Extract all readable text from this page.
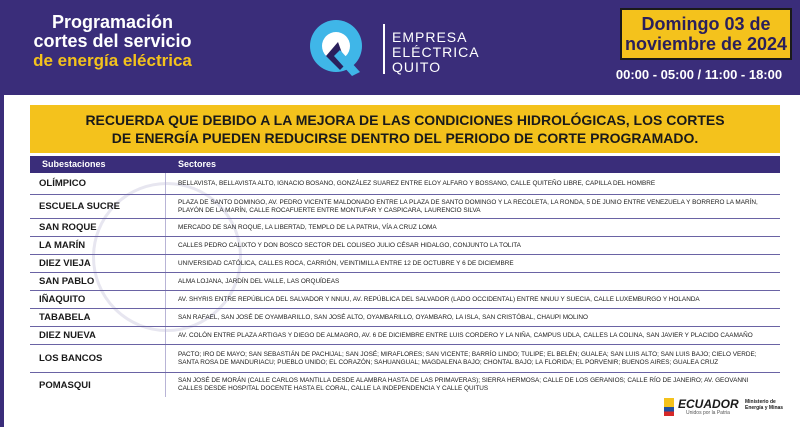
Programación
cortes del servicio
de energía eléctrica
EMPRESA
ELÉCTRICA
QUITO
Domingo 03 de
noviembre de 2024
00:00 - 05:00 / 11:00 - 18:00
RECUERDA QUE DEBIDO A LA MEJORA DE LAS CONDICIONES HIDROLÓGICAS, LOS CORTES
DE ENERGÍA PUEDEN REDUCIRSE DENTRO DEL PERIODO DE CORTE PROGRAMADO.
Subestaciones	Sectores
OLÍMPICO	BELLAVISTA, BELLAVISTA ALTO, IGNACIO BOSANO, GONZÁLEZ SUAREZ ENTRE ELOY ALFARO Y BOSSANO, CALLE QUITEÑO LIBRE, CAPILLA DEL HOMBRE
ESCUELA SUCRE	PLAZA DE SANTO DOMINGO, AV. PEDRO VICENTE MALDONADO ENTRE LA PLAZA DE SANTO DOMINGO Y LA RECOLETA, LA RONDA, 5 DE JUNIO ENTRE VENEZUELA Y BORRERO LA MARÍN, PLAYÓN DE LA MARÍN, CALLE ROCAFUERTE ENTRE MONTUFAR Y CASPICARA, LAURENCIO SILVA
SAN ROQUE	MERCADO DE SAN ROQUE, LA LIBERTAD, TEMPLO DE LA PATRIA, VÍA A CRUZ LOMA
LA MARÍN	CALLES PEDRO CALIXTO Y DON BOSCO SECTOR DEL COLISEO JULIO CÉSAR HIDALGO, CONJUNTO LA TOLITA
DIEZ VIEJA	UNIVERSIDAD CATÓLICA, CALLES ROCA, CARRIÓN, VEINTIMILLA ENTRE 12 DE OCTUBRE Y 6 DE DICIEMBRE
SAN PABLO	ALMA LOJANA, JARDÍN DEL VALLE, LAS ORQUÍDEAS
IÑAQUITO	AV. SHYRIS ENTRE REPÚBLICA DEL SALVADOR Y NNUU, AV. REPÚBLICA DEL SALVADOR (LADO OCCIDENTAL) ENTRE NNUU Y SUECIA, CALLE LUXEMBURGO Y HOLANDA
TABABELA	SAN RAFAEL, SAN JOSÉ DE OYAMBARILLO, SAN JOSÉ ALTO, OYAMBARILLO, OYAMBARO, LA ISLA, SAN CRISTÓBAL, CHAUPI MOLINO
DIEZ NUEVA	AV. COLÓN ENTRE PLAZA ARTIGAS Y DIEGO DE ALMAGRO, AV. 6 DE DICIEMBRE ENTRE LUIS CORDERO Y LA NIÑA, CAMPUS UDLA, CALLES LA COLINA, SAN JAVIER Y PLACIDO CAAMAÑO
LOS BANCOS	PACTO; IRO DE MAYO; SAN SEBASTIÁN DE PACHIJAL; SAN JOSÉ; MIRAFLORES; SAN VICENTE; BARRÍO LINDO; TULIPE; EL BELÉN; GUALEA; SAN LUIS ALTO; SAN LUIS BAJO; CIELO VERDE; SANTA ROSA DE MANDURIACU; PUEBLO UNIDO; EL CORAZÓN; SAHUANGUAL; MAGDALENA BAJO; CHONTAL BAJO; LA FLORIDA; EL PORVENIR; BUENOS AIRES; GUALEA CRUZ
POMASQUI	SAN JOSÉ DE MORÁN (CALLE CARLOS MANTILLA DESDE ALAMBRA HASTA DE LAS PRIMAVERAS); SIERRA HERMOSA; CALLE DE LOS GERANIOS; CALLE RÍO DE JANEIRO; AV. GEOVANNI CALLES DESDE HOSPITAL DOCENTE HASTA EL CORAL, CALLE LA INDEPENDENCIA Y CALLE QUITUS
ECUADOR
Unidos por la Patria
Ministerio de
Energía y Minas
